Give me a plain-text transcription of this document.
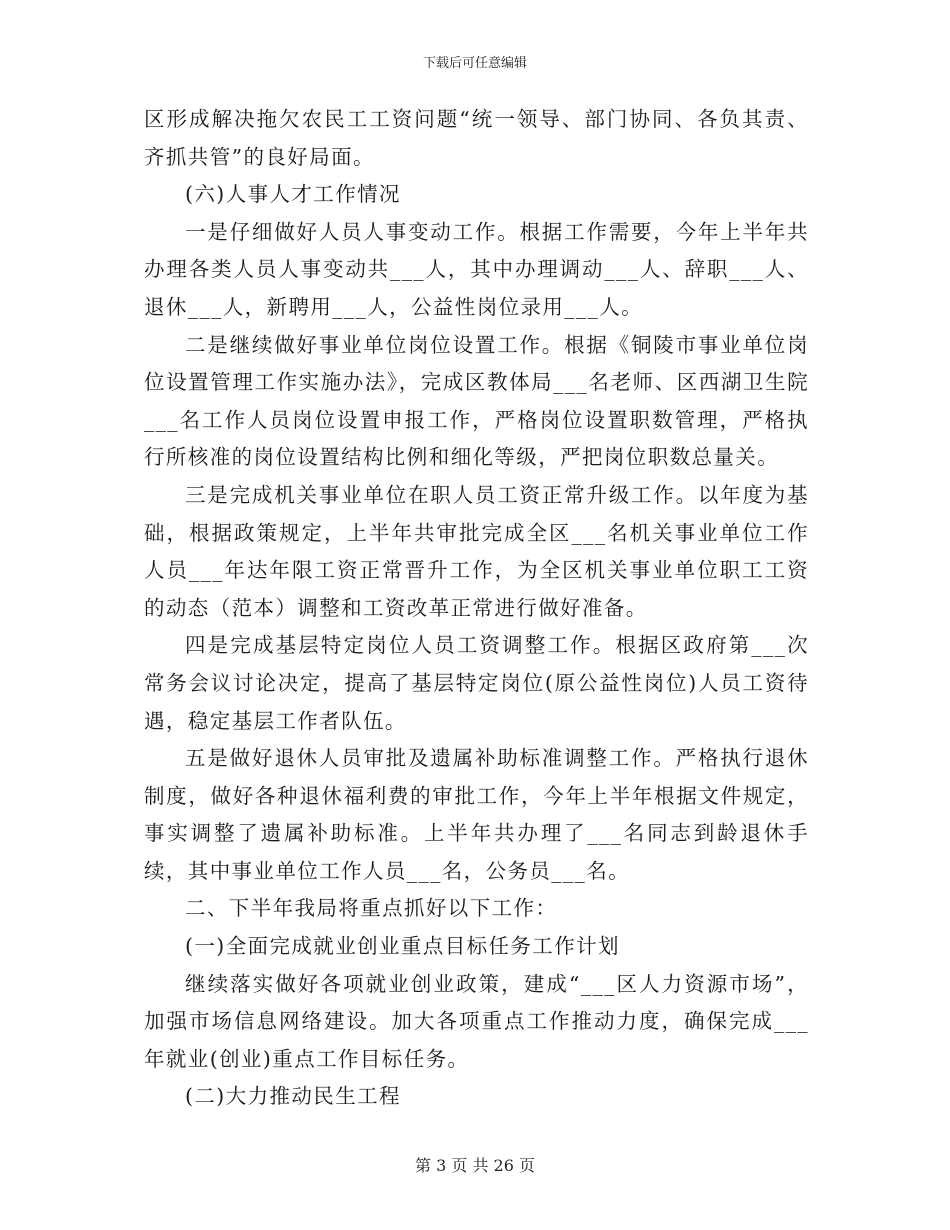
下载后可任意编辑

区形成解决拖欠农民工工资问题“统一领导、部门协同、各负其责、齐抓共管”的良好局面。

(六)人事人才工作情况

一是仔细做好人员人事变动工作。根据工作需要，今年上半年共办理各类人员人事变动共___人，其中办理调动___人、辞职___人、退休___人，新聘用___人，公益性岗位录用___人。

二是继续做好事业单位岗位设置工作。根据《铜陵市事业单位岗位设置管理工作实施办法》，完成区教体局___名老师、区西湖卫生院___名工作人员岗位设置申报工作，严格岗位设置职数管理，严格执行所核准的岗位设置结构比例和细化等级，严把岗位职数总量关。

三是完成机关事业单位在职人员工资正常升级工作。以年度为基础，根据政策规定，上半年共审批完成全区___名机关事业单位工作人员___年达年限工资正常晋升工作，为全区机关事业单位职工工资的动态（范本）调整和工资改革正常进行做好准备。

四是完成基层特定岗位人员工资调整工作。根据区政府第___次常务会议讨论决定，提高了基层特定岗位(原公益性岗位)人员工资待遇，稳定基层工作者队伍。

五是做好退休人员审批及遗属补助标准调整工作。严格执行退休制度，做好各种退休福利费的审批工作，今年上半年根据文件规定，事实调整了遗属补助标准。上半年共办理了___名同志到龄退休手续，其中事业单位工作人员___名，公务员___名。

二、下半年我局将重点抓好以下工作：

(一)全面完成就业创业重点目标任务工作计划

继续落实做好各项就业创业政策，建成“___区人力资源市场”，加强市场信息网络建设。加大各项重点工作推动力度，确保完成___年就业(创业)重点工作目标任务。

(二)大力推动民生工程

第 3 页 共 26 页
